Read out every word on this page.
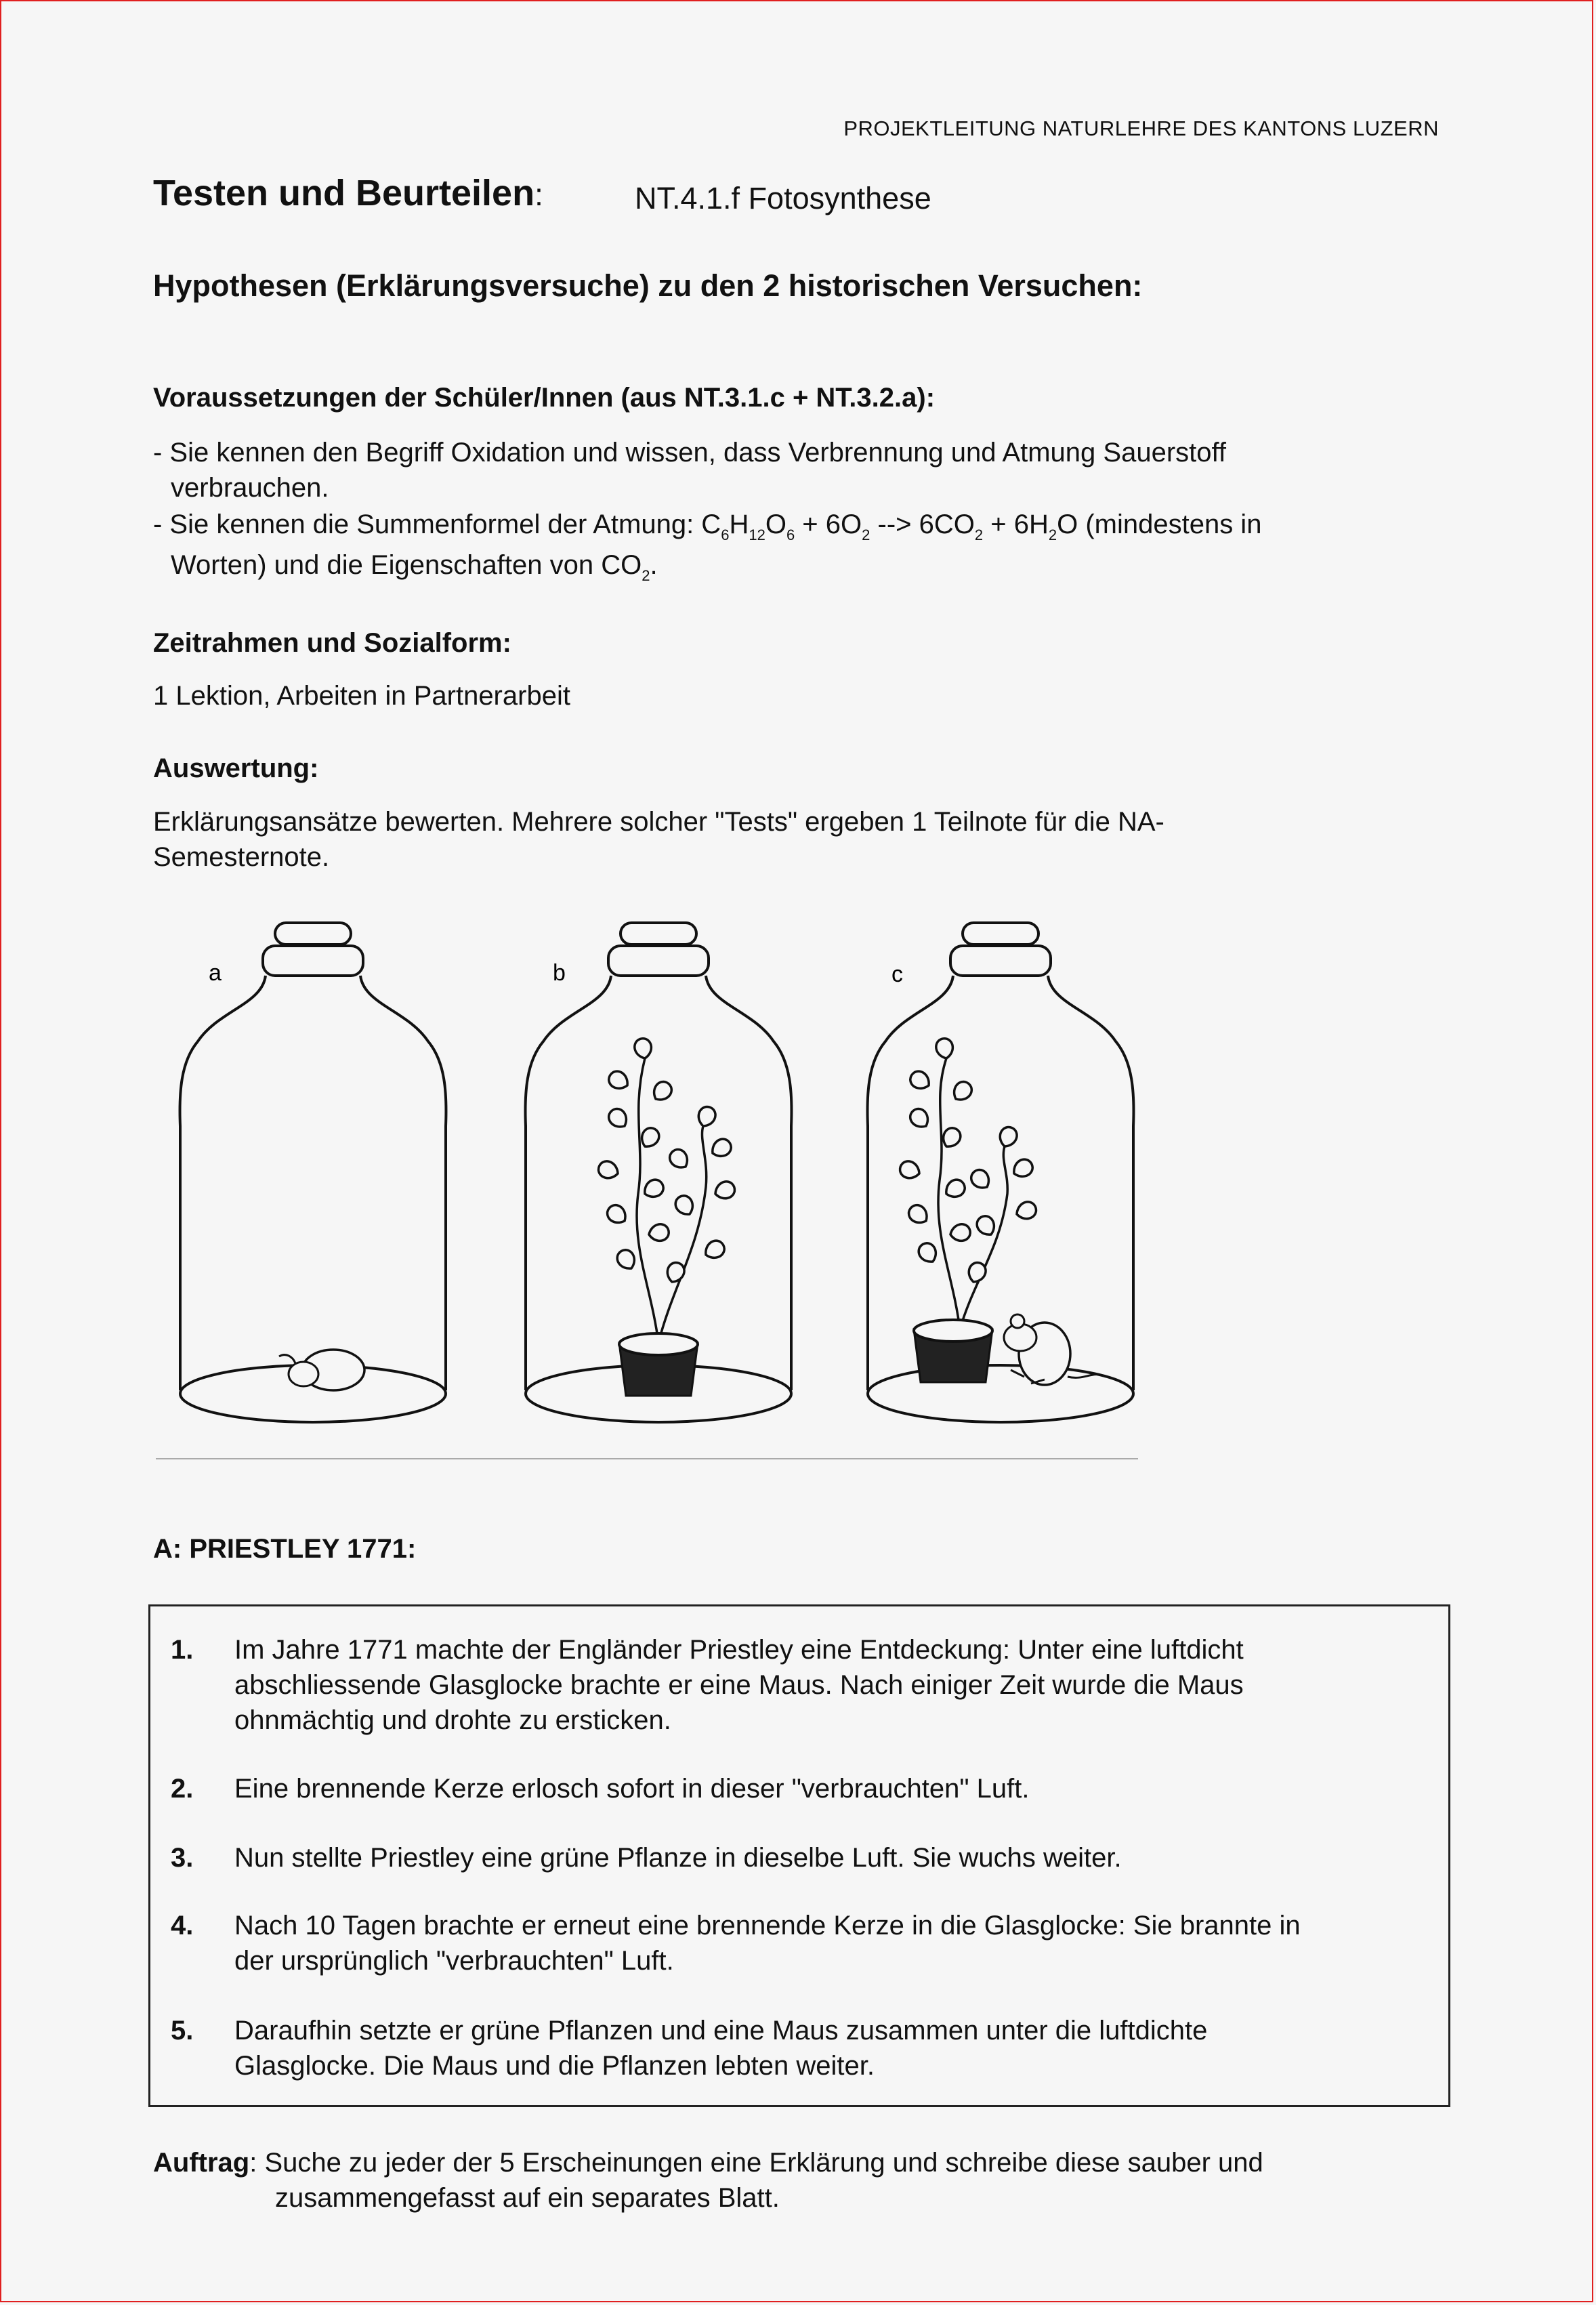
PROJEKTLEITUNG NATURLEHRE DES KANTONS LUZERN
Testen und Beurteilen:	NT.4.1.f Fotosynthese
Hypothesen (Erklärungsversuche) zu den 2 historischen Versuchen:
Voraussetzungen der Schüler/Innen (aus NT.3.1.c + NT.3.2.a):
- Sie kennen den Begriff Oxidation und wissen, dass Verbrennung und Atmung Sauerstoff
verbrauchen.
- Sie kennen die Summenformel der Atmung: $C_6H_{12}O_6 + 6O_2$ --> $6CO_2 + 6H_2O$ (mindestens in
Worten) und die Eigenschaften von $CO_2$.
Zeitrahmen und Sozialform:
1 Lektion, Arbeiten in Partnerarbeit
Auswertung:
Erklärungsansätze bewerten. Mehrere solcher "Tests" ergeben 1 Teilnote für die NA-
Semesternote.
a	b	c
A: PRIESTLEY 1771:
1. Im Jahre 1771 machte der Engländer Priestley eine Entdeckung: Unter eine luftdicht
abschliessende Glasglocke brachte er eine Maus. Nach einiger Zeit wurde die Maus
ohnmächtig und drohte zu ersticken.
2. Eine brennende Kerze erlosch sofort in dieser "verbrauchten" Luft.
3. Nun stellte Priestley eine grüne Pflanze in dieselbe Luft. Sie wuchs weiter.
4. Nach 10 Tagen brachte er erneut eine brennende Kerze in die Glasglocke: Sie brannte in
der ursprünglich "verbrauchten" Luft.
5. Daraufhin setzte er grüne Pflanzen und eine Maus zusammen unter die luftdichte
Glasglocke. Die Maus und die Pflanzen lebten weiter.
Auftrag: Suche zu jeder der 5 Erscheinungen eine Erklärung und schreibe diese sauber und
zusammengefasst auf ein separates Blatt.
